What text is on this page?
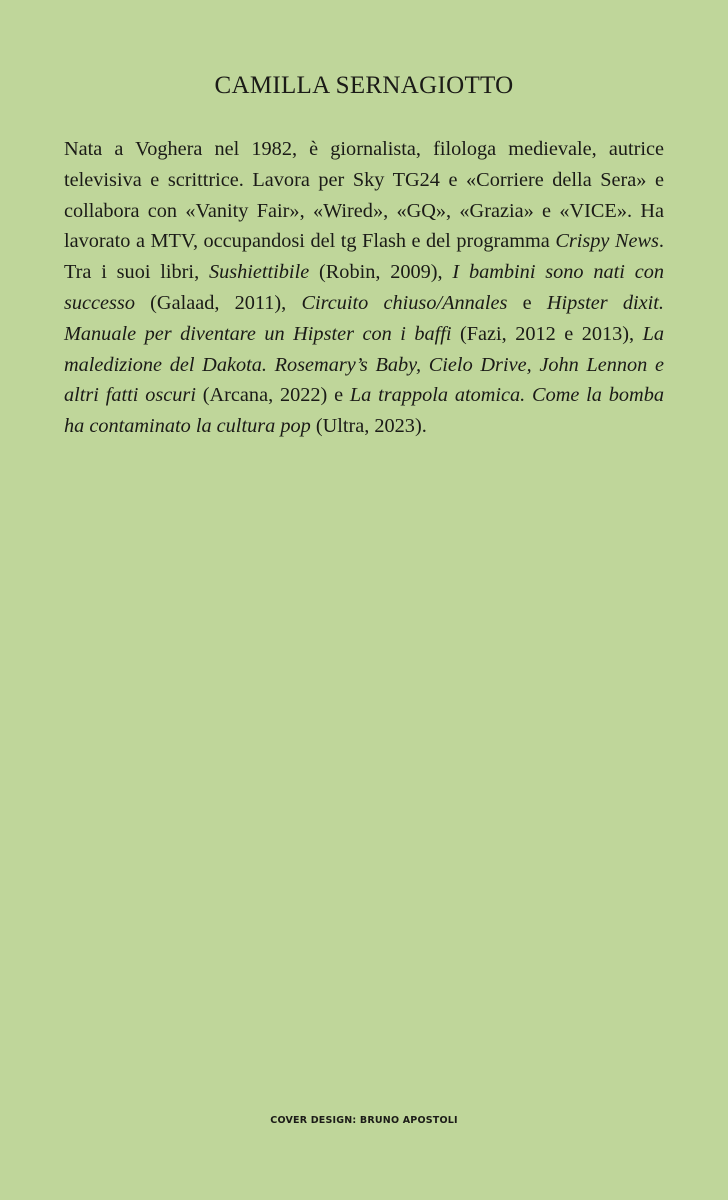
CAMILLA SERNAGIOTTO

Nata a Voghera nel 1982, è giornalista, filologa medievale, autrice televisiva e scrittrice. Lavora per Sky TG24 e «Corriere della Sera» e collabora con «Vanity Fair», «Wired», «GQ», «Grazia» e «VICE». Ha lavorato a MTV, occupandosi del tg Flash e del programma Crispy News. Tra i suoi libri, Sushiettibile (Robin, 2009), I bambini sono nati con successo (Galaad, 2011), Circuito chiuso/Annales e Hipster dixit. Manuale per diventare un Hipster con i baffi (Fazi, 2012 e 2013), La maledizione del Dakota. Rosemary’s Baby, Cielo Drive, John Lennon e altri fatti oscuri (Arcana, 2022) e La trappola atomica. Come la bomba ha contaminato la cultura pop (Ultra, 2023).

COVER DESIGN: BRUNO APOSTOLI
